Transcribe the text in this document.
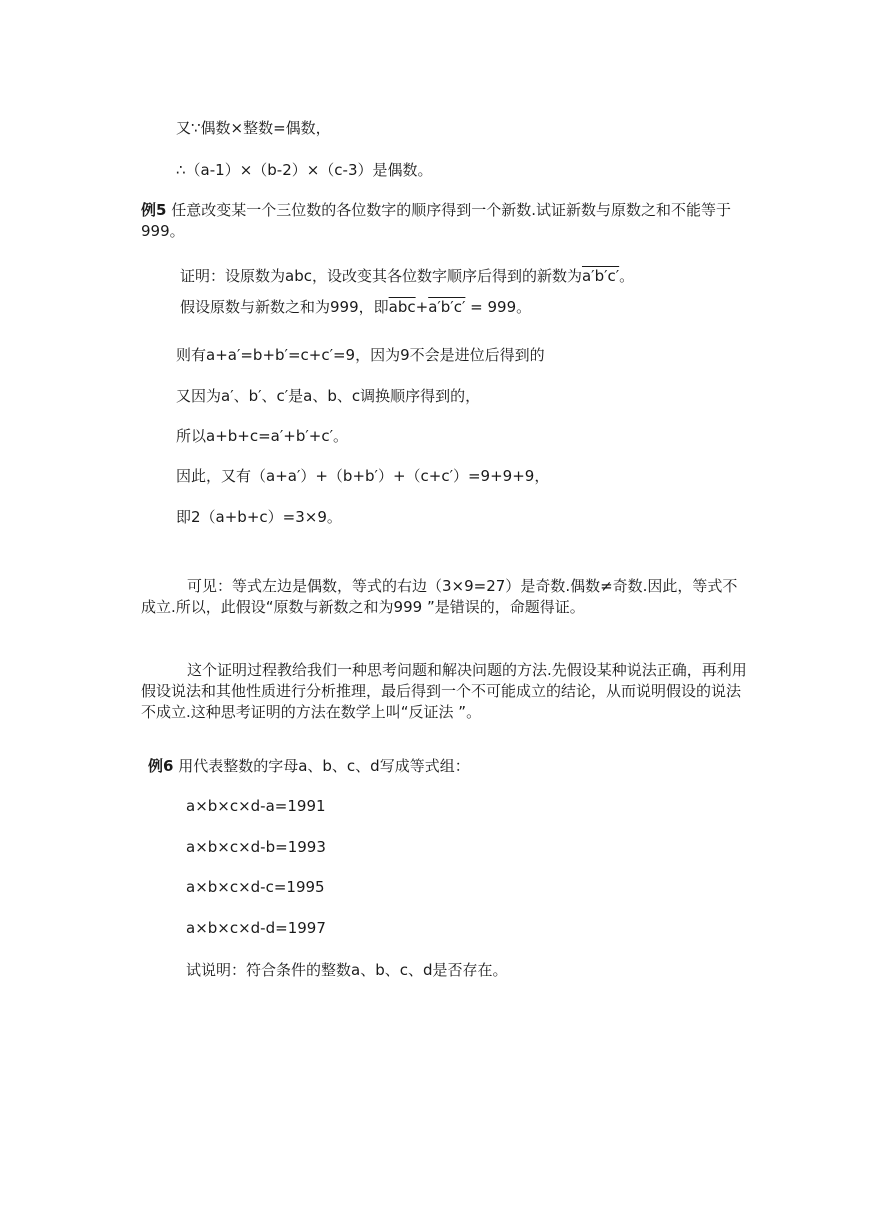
又∵偶数×整数=偶数，
∴（a-1）×（b-2）×（c-3）是偶数。
例5 任意改变某一个三位数的各位数字的顺序得到一个新数.试证新数与原数之和不能等于999。
证明：设原数为abc，设改变其各位数字顺序后得到的新数为a′b′c′。
假设原数与新数之和为999，即$\overline{abc}+a'b'c' = 999$。
则有a+a′=b+b′=c+c′=9，因为9不会是进位后得到的
又因为a′、b′、c′是a、b、c调换顺序得到的，
所以a+b+c=a′+b′+c′。
因此，又有（a+a′）+（b+b′）+（c+c′）=9+9+9，
即2（a+b+c）=3×9。
可见：等式左边是偶数，等式的右边（3×9=27）是奇数.偶数≠奇数.因此，等式不成立.所以，此假设“原数与新数之和为999 ”是错误的，命题得证。
这个证明过程教给我们一种思考问题和解决问题的方法.先假设某种说法正确，再利用假设说法和其他性质进行分析推理，最后得到一个不可能成立的结论，从而说明假设的说法不成立.这种思考证明的方法在数学上叫“反证法 ”。
例6 用代表整数的字母a、b、c、d写成等式组：
a×b×c×d-a=1991
a×b×c×d-b=1993
a×b×c×d-c=1995
a×b×c×d-d=1997
试说明：符合条件的整数a、b、c、d是否存在。
